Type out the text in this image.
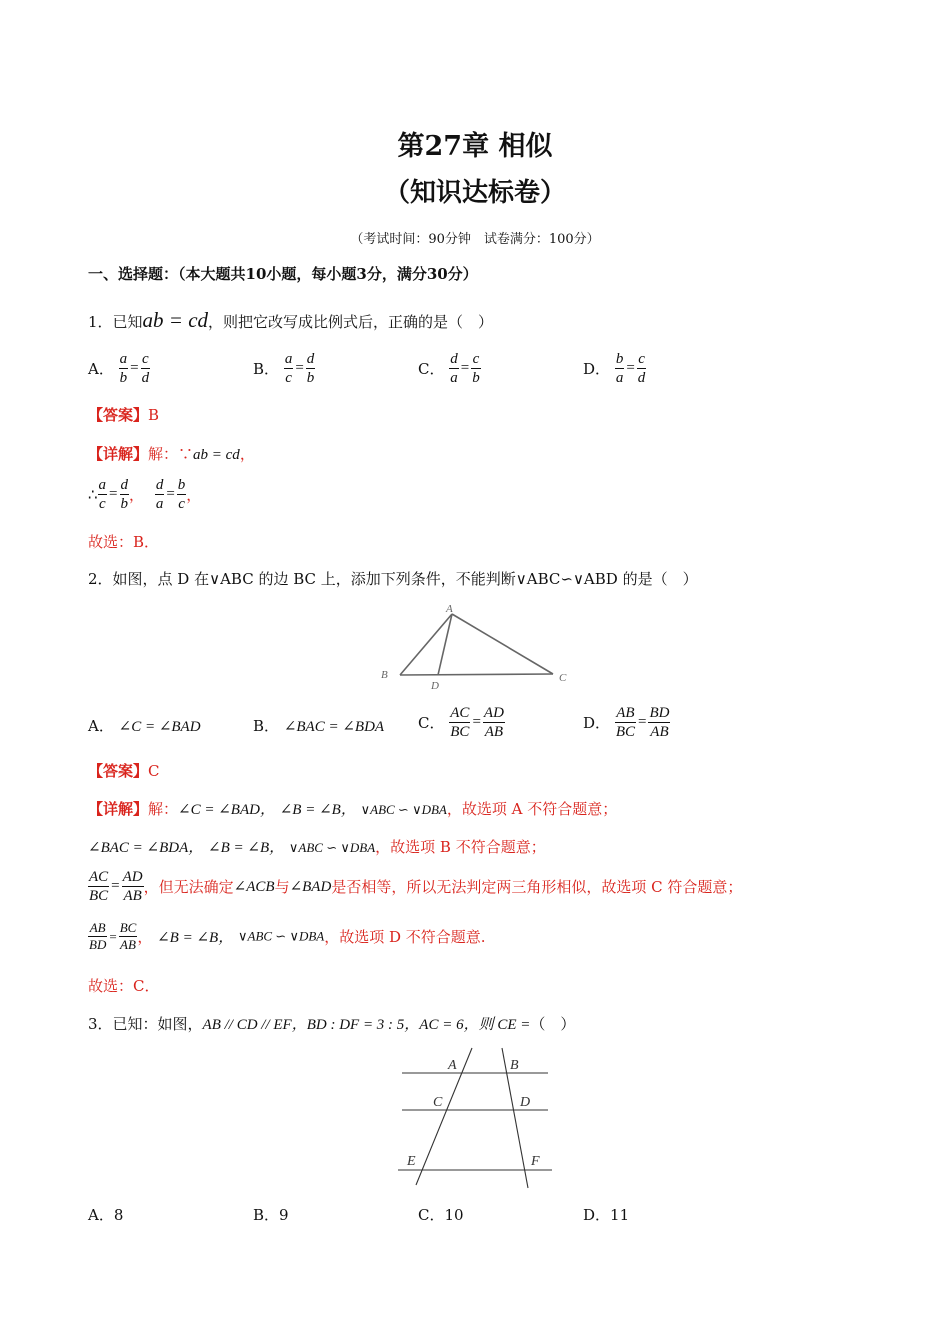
第27章 相似
（知识达标卷）
（考试时间：90分钟　试卷满分：100分）
一、选择题：（本大题共10小题，每小题3分，满分30分）
1．已知ab = cd，则把它改写成比例式后，正确的是（　）
A． $\frac{a}{b} = \frac{c}{d}$	B． $\frac{a}{c} = \frac{d}{b}$	C． $\frac{d}{a} = \frac{c}{b}$	D． $\frac{b}{a} = \frac{c}{d}$
【答案】B
【详解】解：∵ab = cd，
∴ $\frac{a}{c} = \frac{d}{b}$ ， $\frac{d}{a} = \frac{b}{c}$ ，
故选：B．
2．如图，点 D 在∨ABC 的边 BC 上，添加下列条件，不能判断∨ABC∽∨ABD 的是（　）
A
B	C
D
A． ∠C = ∠BAD	B． ∠BAC = ∠BDA C． $\frac{AC}{BC} = \frac{AD}{AB}$	D． $\frac{AB}{BC} = \frac{BD}{AB}$
【答案】C
【详解】解：∠C = ∠BAD， ∠B = ∠B， ∨ABC ∽ ∨DBA，故选项 A 不符合题意；
∠BAC = ∠BDA， ∠B = ∠B， ∨ABC ∽ ∨DBA，故选项 B 不符合题意；
$\frac{AC}{BC} = \frac{AD}{AB}$ ，但无法确定∠ACB与∠BAD是否相等，所以无法判定两三角形相似，故选项 C 符合题意；
$\frac{AB}{BD} = \frac{BC}{AB}$ ， ∠B = ∠B， ∨ABC ∽ ∨DBA，故选项 D 不符合题意.
故选：C．
3．已知：如图，AB // CD // EF，BD : DF = 3 : 5，AC = 6，则 CE =（　）
A	B
C	D
E	F
A．8	B．9	C．10	D．11
